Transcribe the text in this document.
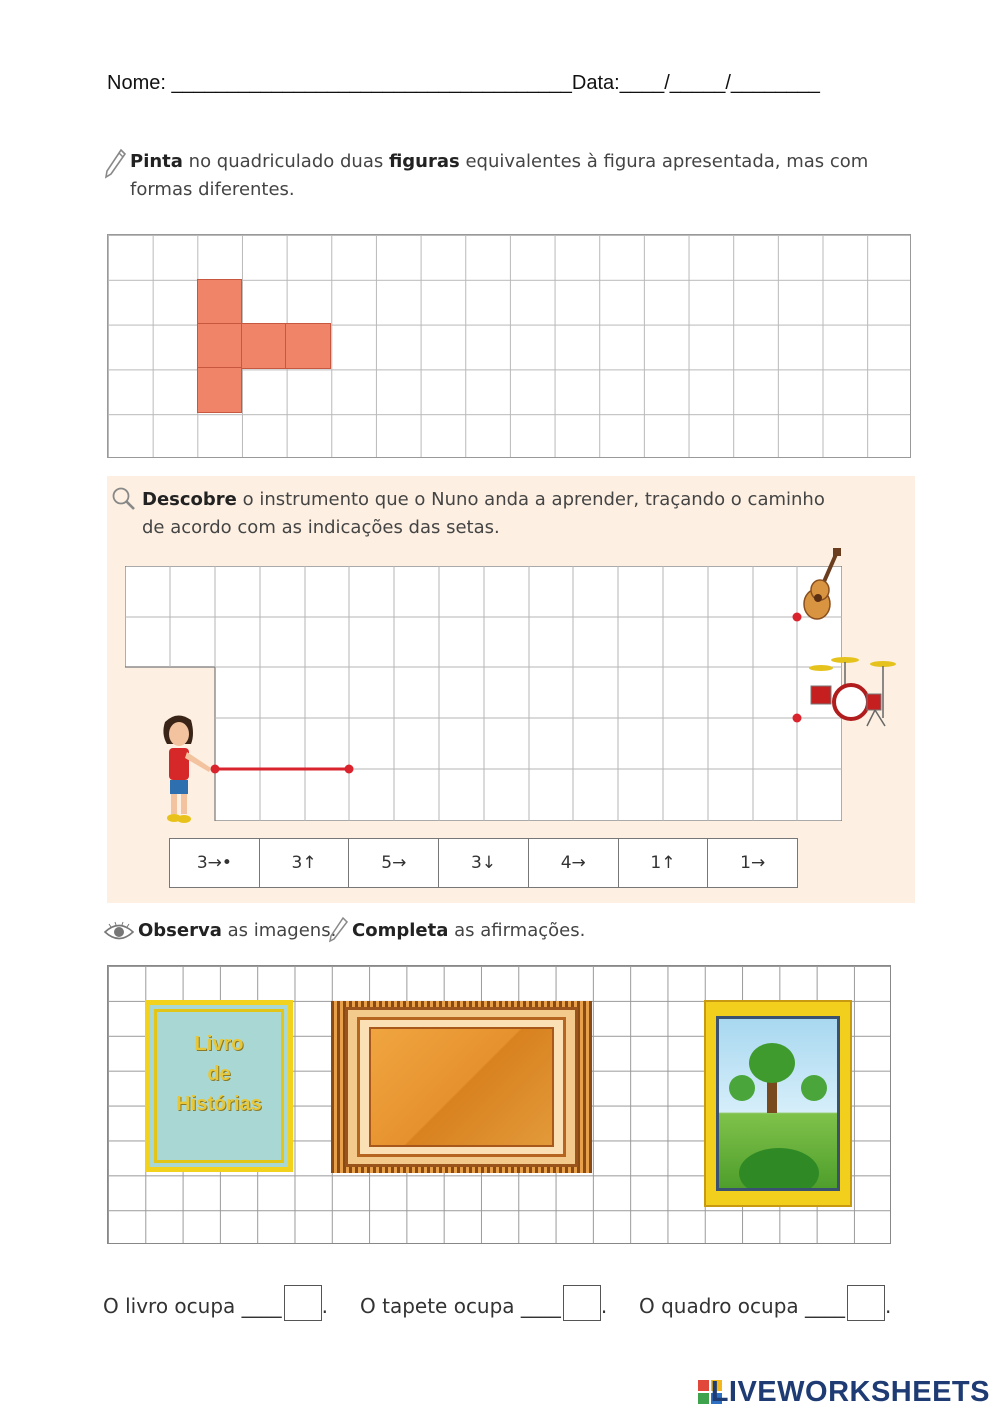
Nome: ____________________________________Data:____/_____/________
Pinta no quadriculado duas figuras equivalentes à figura apresentada, mas com
formas diferentes.
Descobre o instrumento que o Nuno anda a aprender, traçando o caminho
de acordo com as indicações das setas.
3→•	3↑	5→	3↓	4→	1↑	1→
Observa as imagens. Completa as afirmações.
Livro
de
Histórias
O livro ocupa ____ . O tapete ocupa ____ . O quadro ocupa ____ .
LIVEWORKSHEETS
